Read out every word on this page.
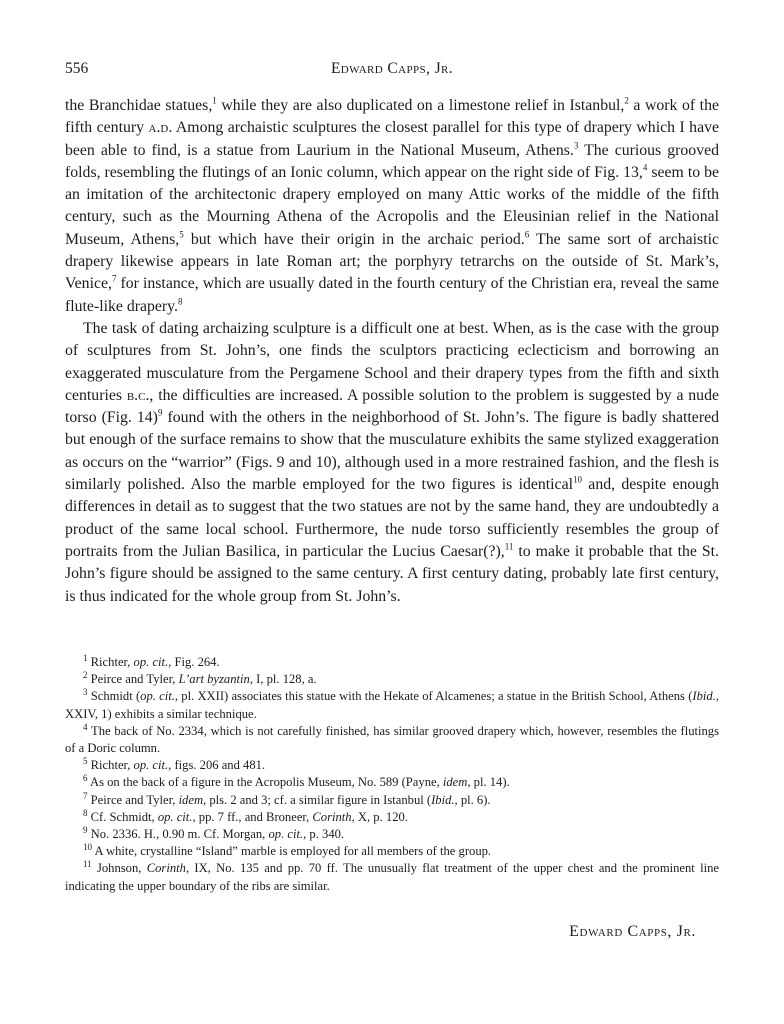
556	Edward Capps, Jr.

the Branchidae statues,$^1$ while they are also duplicated on a limestone relief in Istanbul,$^2$ a work of the fifth century a.d. Among archaistic sculptures the closest parallel for this type of drapery which I have been able to find, is a statue from Laurium in the National Museum, Athens.$^3$ The curious grooved folds, resembling the flutings of an Ionic column, which appear on the right side of Fig. 13,$^4$ seem to be an imitation of the architectonic drapery employed on many Attic works of the middle of the fifth century, such as the Mourning Athena of the Acropolis and the Eleusinian relief in the National Museum, Athens,$^5$ but which have their origin in the archaic period.$^6$ The same sort of archaistic drapery likewise appears in late Roman art; the porphyry tetrarchs on the outside of St. Mark’s, Venice,$^7$ for instance, which are usually dated in the fourth century of the Christian era, reveal the same flute-like drapery.$^8$

The task of dating archaizing sculpture is a difficult one at best. When, as is the case with the group of sculptures from St. John’s, one finds the sculptors practicing eclecticism and borrowing an exaggerated musculature from the Pergamene School and their drapery types from the fifth and sixth centuries b.c., the difficulties are increased. A possible solution to the problem is suggested by a nude torso (Fig. 14)$^9$ found with the others in the neighborhood of St. John’s. The figure is badly shattered but enough of the surface remains to show that the musculature exhibits the same stylized exaggeration as occurs on the “warrior” (Figs. 9 and 10), although used in a more restrained fashion, and the flesh is similarly polished. Also the marble employed for the two figures is identical$^{10}$ and, despite enough differences in detail as to suggest that the two statues are not by the same hand, they are undoubtedly a product of the same local school. Furthermore, the nude torso sufficiently resembles the group of portraits from the Julian Basilica, in particular the Lucius Caesar(?),$^{11}$ to make it probable that the St. John’s figure should be assigned to the same century. A first century dating, probably late first century, is thus indicated for the whole group from St. John’s.

$^1$ Richter, op. cit., Fig. 264.

$^2$ Peirce and Tyler, L’art byzantin, I, pl. 128, a.

$^3$ Schmidt (op. cit., pl. XXII) associates this statue with the Hekate of Alcamenes; a statue in the British School, Athens (Ibid., XXIV, 1) exhibits a similar technique.

$^4$ The back of No. 2334, which is not carefully finished, has similar grooved drapery which, however, resembles the flutings of a Doric column.

$^5$ Richter, op. cit., figs. 206 and 481.

$^6$ As on the back of a figure in the Acropolis Museum, No. 589 (Payne, idem, pl. 14).

$^7$ Peirce and Tyler, idem, pls. 2 and 3; cf. a similar figure in Istanbul (Ibid., pl. 6).

$^8$ Cf. Schmidt, op. cit., pp. 7 ff., and Broneer, Corinth, X, p. 120.

$^9$ No. 2336. H., 0.90 m. Cf. Morgan, op. cit., p. 340.

$^{10}$ A white, crystalline “Island” marble is employed for all members of the group.

$^{11}$ Johnson, Corinth, IX, No. 135 and pp. 70 ff. The unusually flat treatment of the upper chest and the prominent line indicating the upper boundary of the ribs are similar.

Edward Capps, Jr.
